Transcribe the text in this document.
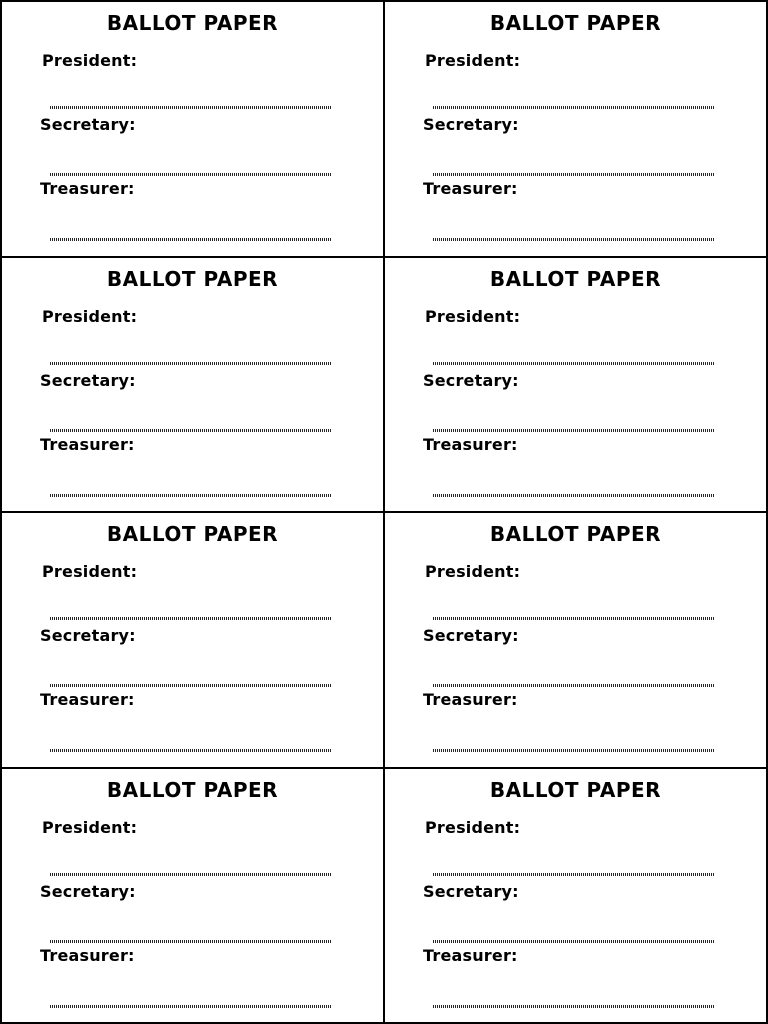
BALLOT PAPER
President:
Secretary:
Treasurer:
BALLOT PAPER
President:
Secretary:
Treasurer:
BALLOT PAPER
President:
Secretary:
Treasurer:
BALLOT PAPER
President:
Secretary:
Treasurer:
BALLOT PAPER
President:
Secretary:
Treasurer:
BALLOT PAPER
President:
Secretary:
Treasurer:
BALLOT PAPER
President:
Secretary:
Treasurer:
BALLOT PAPER
President:
Secretary:
Treasurer:
